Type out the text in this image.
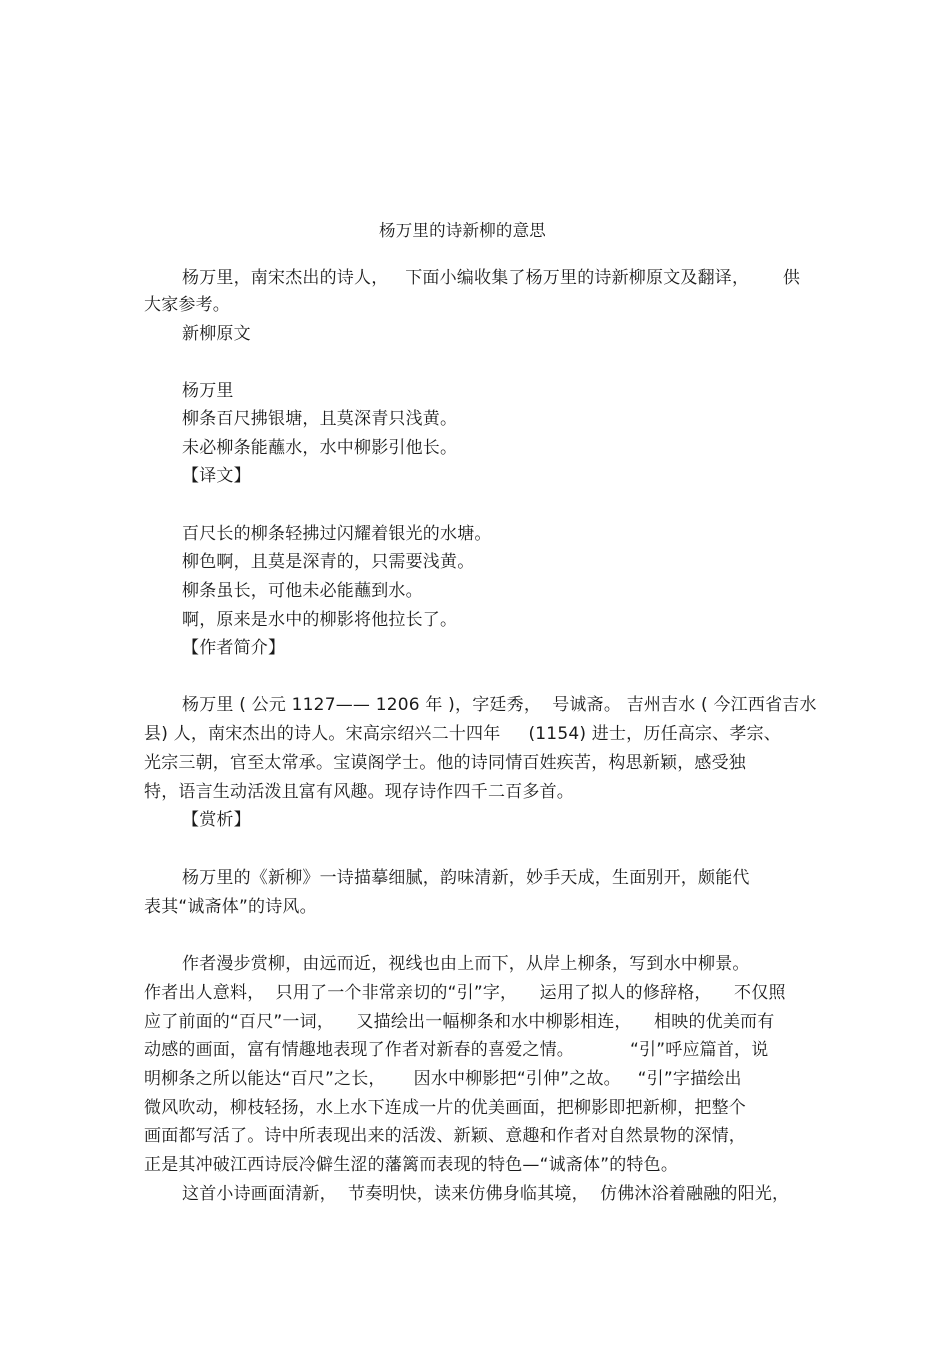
杨万里的诗新柳的意思
杨万里，南宋杰出的诗人，   下面小编收集了杨万里的诗新柳原文及翻译，      供
大家参考。
新柳原文
杨万里
柳条百尺拂银塘，且莫深青只浅黄。
未必柳条能蘸水，水中柳影引他长。
【译文】
百尺长的柳条轻拂过闪耀着银光的水塘。
柳色啊，且莫是深青的，只需要浅黄。
柳条虽长，可他未必能蘸到水。
啊，原来是水中的柳影将他拉长了。
【作者简介】
杨万里 ( 公元 1127—— 1206 年 )，字廷秀，  号诚斋。 吉州吉水 ( 今江西省吉水
县) 人，南宋杰出的诗人。宋高宗绍兴二十四年     (1154) 进士，历任高宗、孝宗、
光宗三朝，官至太常承。宝谟阁学士。他的诗同情百姓疾苦，构思新颖，感受独
特，语言生动活泼且富有风趣。现存诗作四千二百多首。
【赏析】
杨万里的《新柳》一诗描摹细腻，韵味清新，妙手天成，生面别开，颇能代
表其“诚斋体”的诗风。
作者漫步赏柳，由远而近，视线也由上而下，从岸上柳条，写到水中柳景。
作者出人意料，  只用了一个非常亲切的“引”字，    运用了拟人的修辞格，    不仅照
应了前面的“百尺”一词，    又描绘出一幅柳条和水中柳影相连，    相映的优美而有
动感的画面，富有情趣地表现了作者对新春的喜爱之情。          “引”呼应篇首，说
明柳条之所以能达“百尺”之长，     因水中柳影把“引伸”之故。   “引”字描绘出
微风吹动，柳枝轻扬，水上水下连成一片的优美画面，把柳影即把新柳，把整个
画面都写活了。诗中所表现出来的活泼、新颖、意趣和作者对自然景物的深情，
正是其冲破江西诗辰冷僻生涩的藩篱而表现的特色—“诚斋体”的特色。
这首小诗画面清新，  节奏明快，读来仿佛身临其境，  仿佛沐浴着融融的阳光，
